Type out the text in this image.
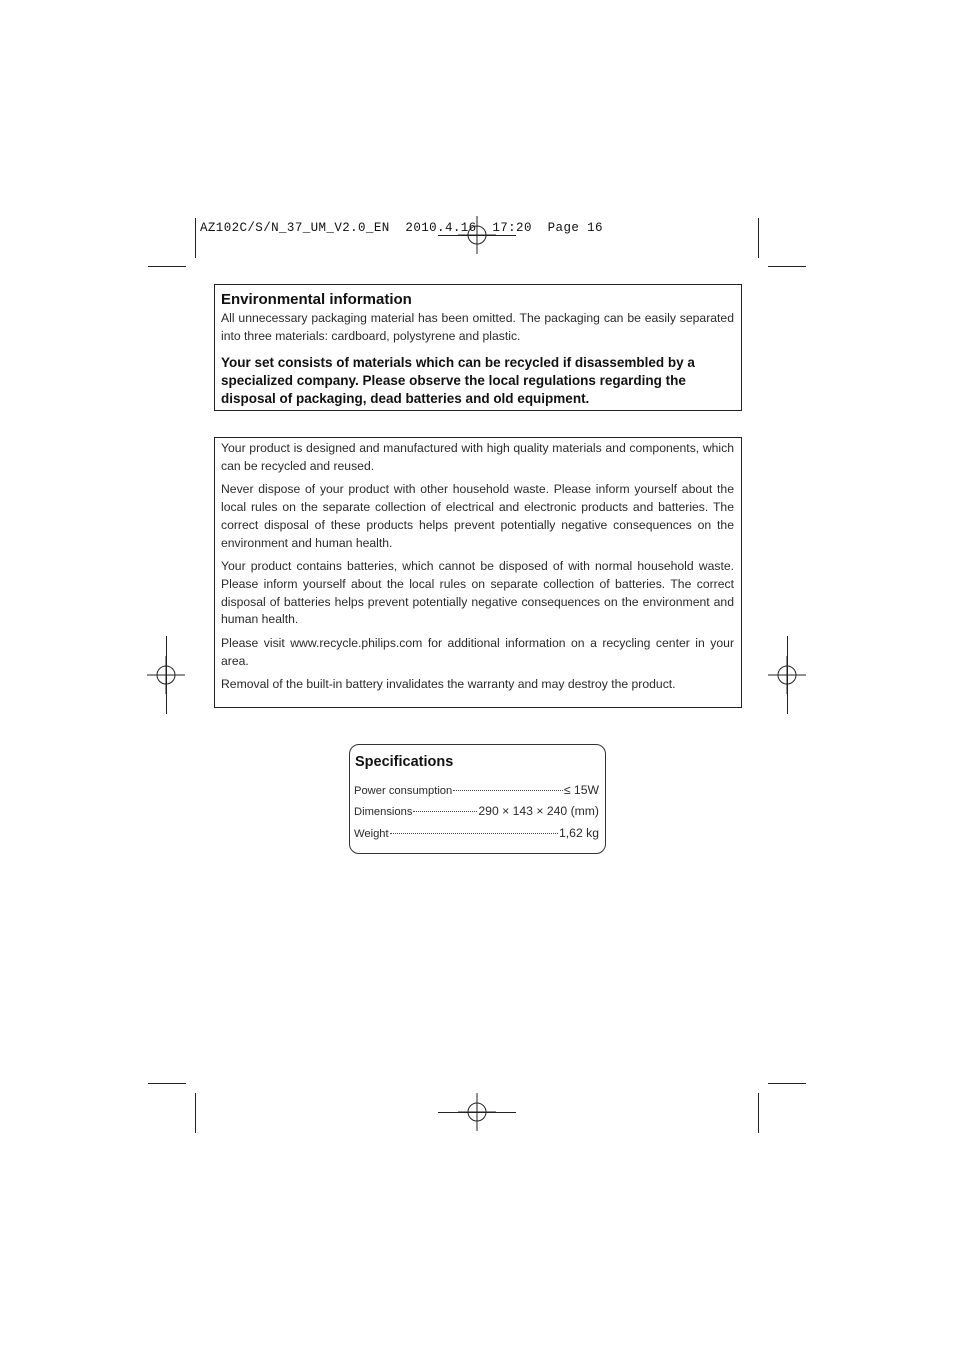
AZ102C/S/N_37_UM_V2.0_EN  2010.4.16  17:20  Page 16
Environmental information

All unnecessary packaging material has been omitted. The packaging can be easily separated into three materials: cardboard, polystyrene and plastic.

Your set consists of materials which can be recycled if disassembled by a specialized company. Please observe the local regulations regarding the disposal of packaging, dead batteries and old equipment.

Your product is designed and manufactured with high quality materials and components, which can be recycled and reused.

Never dispose of your product with other household waste. Please inform yourself about the local rules on the separate collection of electrical and electronic products and batteries. The correct disposal of these products helps prevent potentially negative consequences on the environment and human health.

Your product contains batteries, which cannot be disposed of with normal household waste. Please inform yourself about the local rules on separate collection of batteries. The correct disposal of batteries helps prevent potentially negative consequences on the environment and human health.

Please visit www.recycle.philips.com for additional information on a recycling center in your area.

Removal of the built-in battery invalidates the warranty and may destroy the product.

Specifications
Power consumption	≤ 15W
Dimensions	290 × 143 × 240 (mm)
Weight	1,62 kg
